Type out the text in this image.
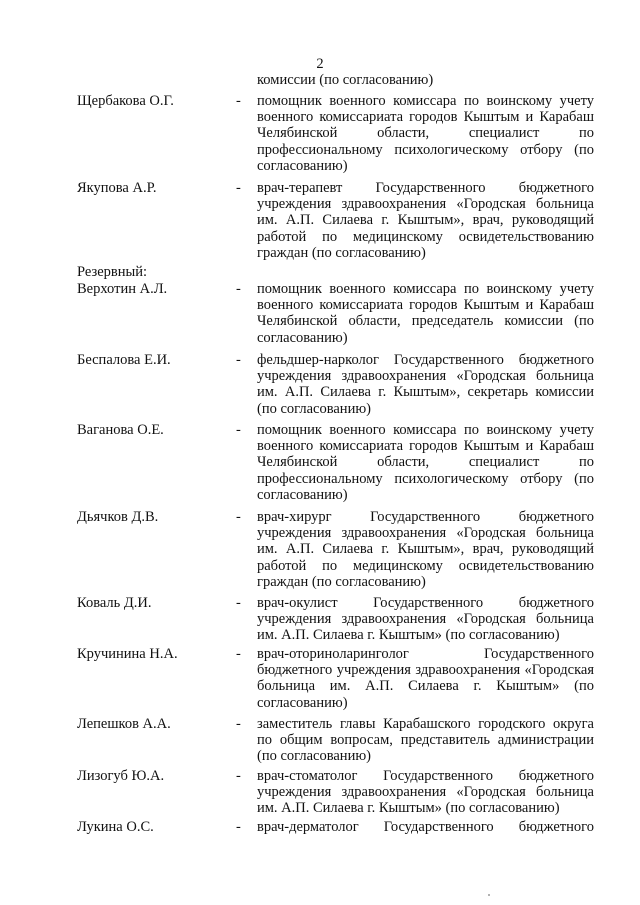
2

комиссии (по согласованию)

Щербакова О.Г.	- помощник военного комиссара по воинскому учету военного комиссариата городов Кыштым и Карабаш Челябинской области, специалист по профессиональному психологическому отбору (по согласованию)

Якупова А.Р.	- врач-терапевт Государственного бюджетного учреждения здравоохранения «Городская больница им. А.П. Силаева г. Кыштым», врач, руководящий работой по медицинскому освидетельствованию граждан (по согласованию)

Резервный:
Верхотин А.Л.	- помощник военного комиссара по воинскому учету военного комиссариата городов Кыштым и Карабаш Челябинской области, председатель комиссии (по согласованию)

Беспалова Е.И.	- фельдшер-нарколог Государственного бюджетного учреждения здравоохранения «Городская больница им. А.П. Силаева г. Кыштым», секретарь комиссии (по согласованию)

Ваганова О.Е.	- помощник военного комиссара по воинскому учету военного комиссариата городов Кыштым и Карабаш Челябинской области, специалист по профессиональному психологическому отбору (по согласованию)

Дьячков Д.В.	- врач-хирург Государственного бюджетного учреждения здравоохранения «Городская больница им. А.П. Силаева г. Кыштым», врач, руководящий работой по медицинскому освидетельствованию граждан (по согласованию)

Коваль Д.И.	- врач-окулист Государственного бюджетного учреждения здравоохранения «Городская больница им. А.П. Силаева г. Кыштым» (по согласованию)

Кручинина Н.А.	- врач-оториноларинголог Государственного бюджетного учреждения здравоохранения «Городская больница им. А.П. Силаева г. Кыштым» (по согласованию)

Лепешков А.А.	- заместитель главы Карабашского городского округа по общим вопросам, представитель администрации (по согласованию)

Лизогуб Ю.А.	- врач-стоматолог Государственного бюджетного учреждения здравоохранения «Городская больница им. А.П. Силаева г. Кыштым» (по согласованию)

Лукина О.С.	- врач-дерматолог Государственного бюджетного
